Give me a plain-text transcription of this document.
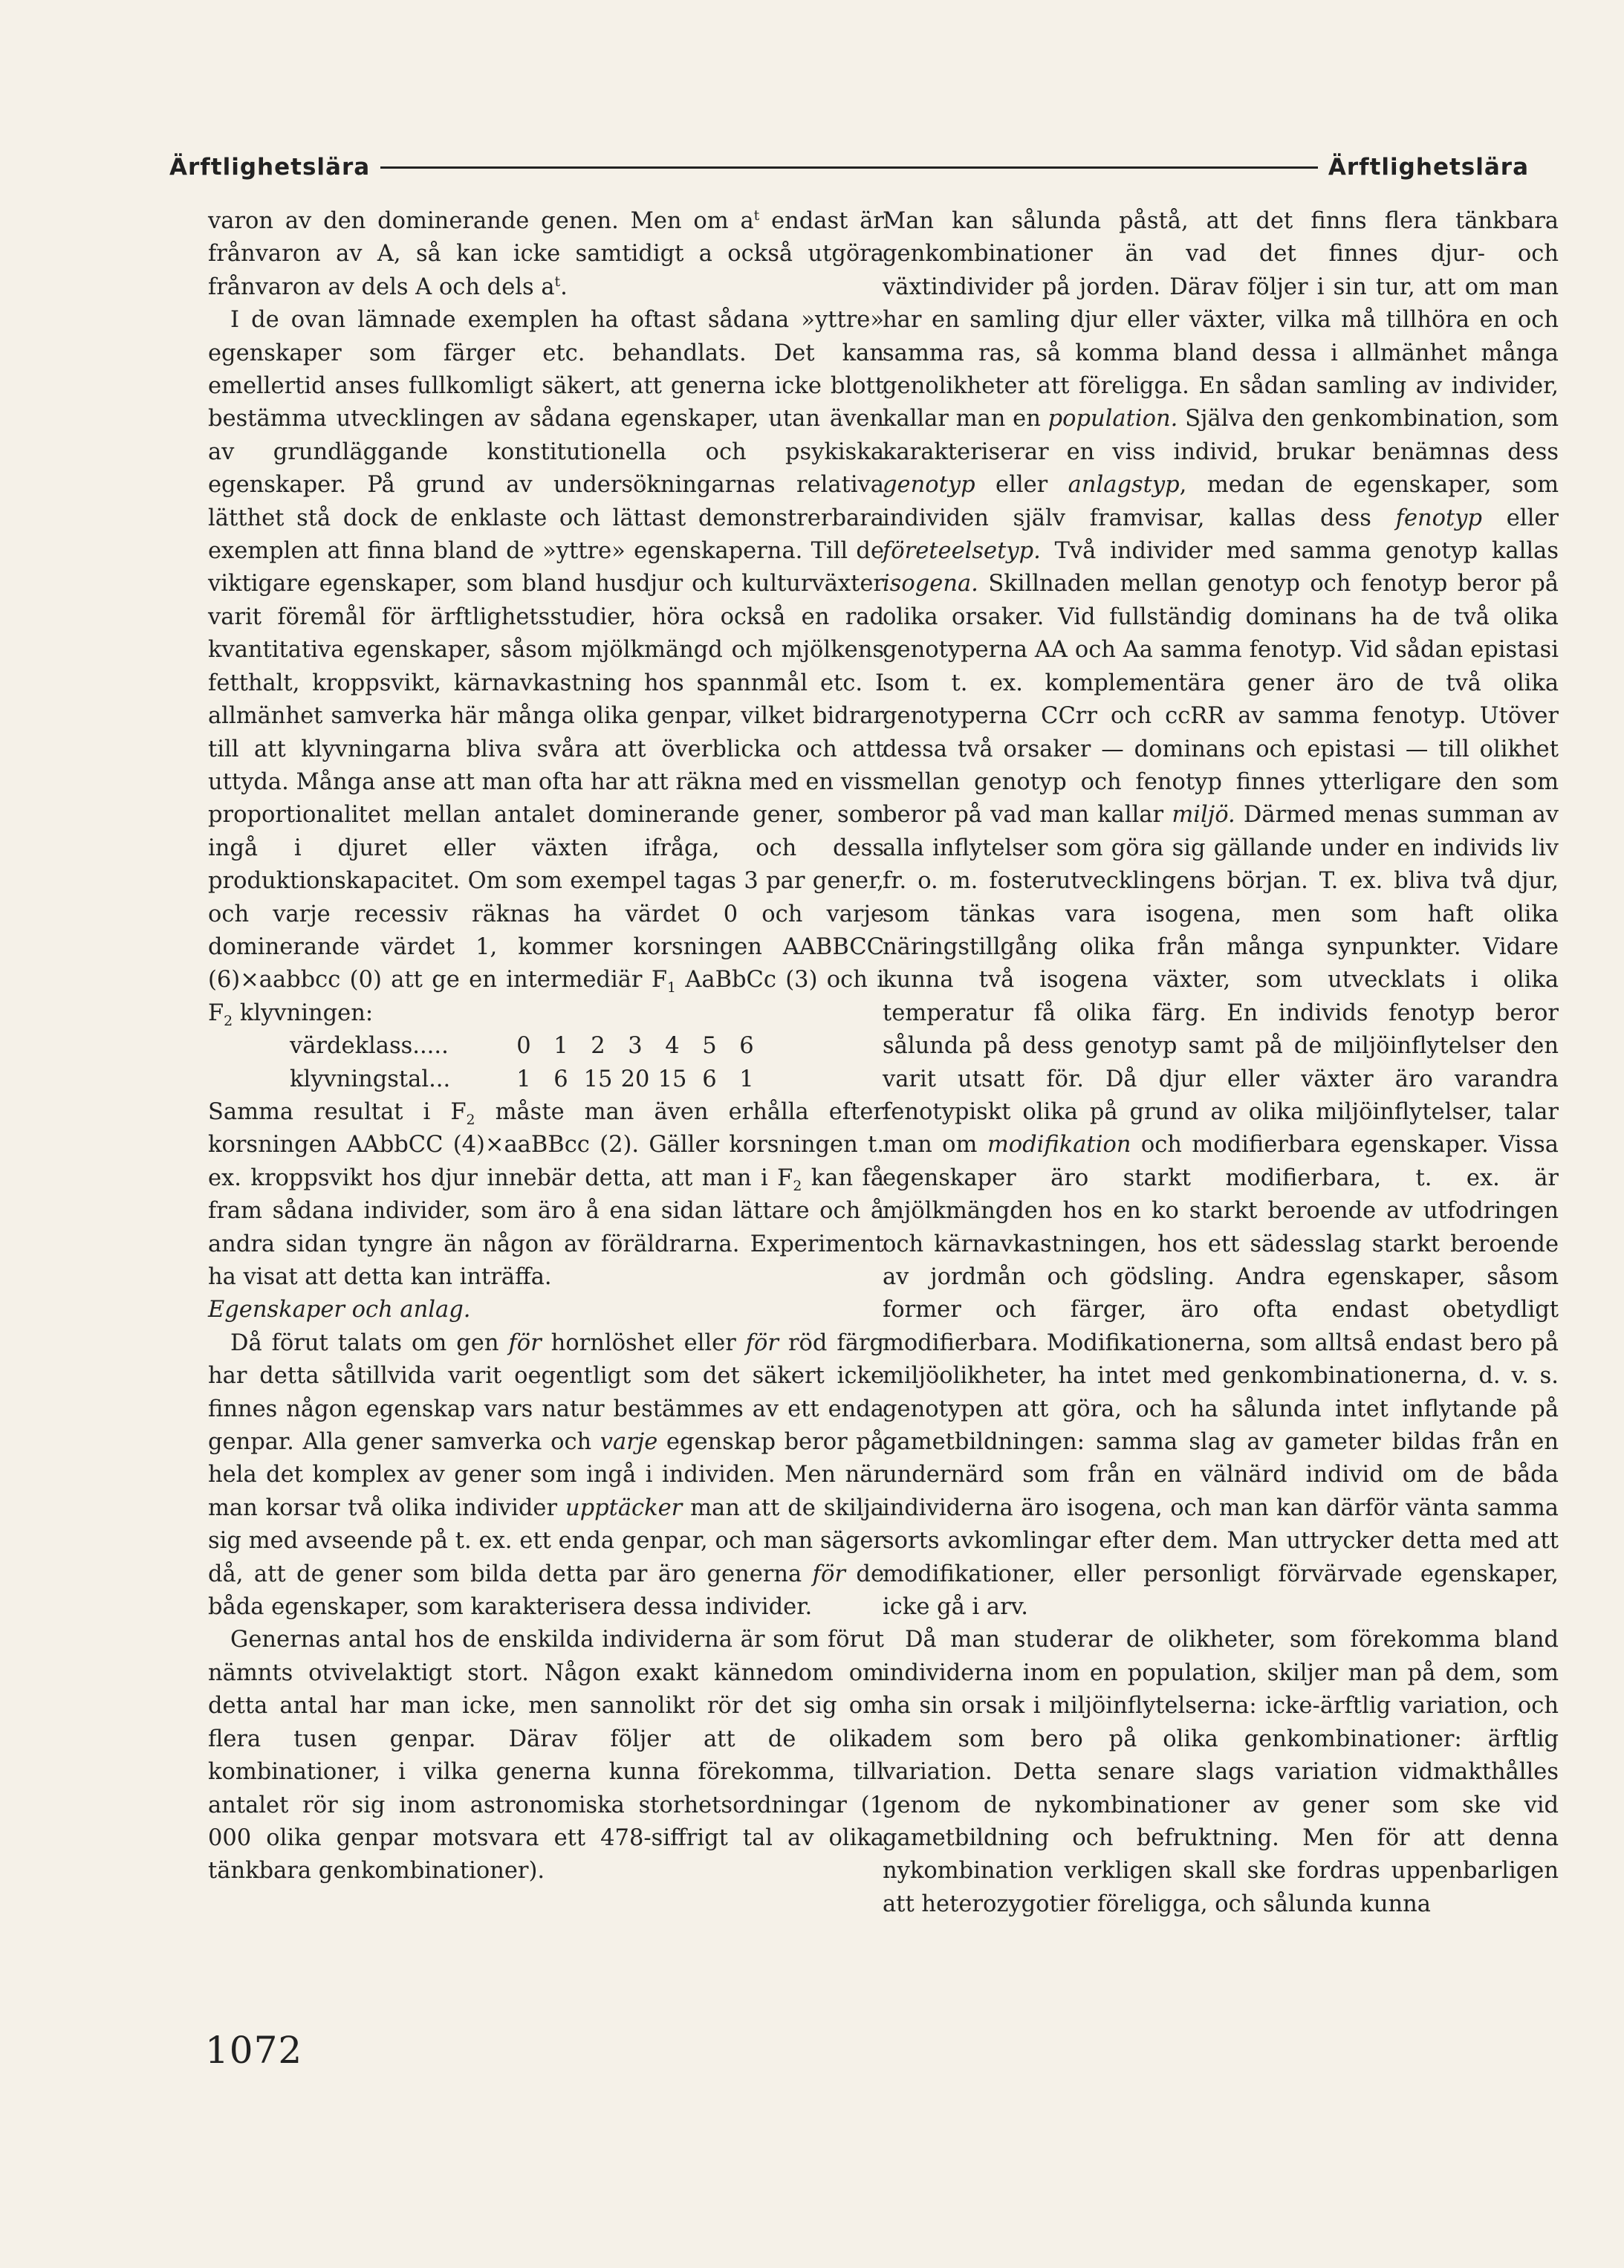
Ärftlighetslära	Ärftlighetslära

varon av den dominerande genen. Men om $a^t$ endast är frånvaron av A, så kan icke samtidigt a också utgöra frånvaron av dels A och dels $a^t$.

I de ovan lämnade exemplen ha oftast sådana »yttre» egenskaper som färger etc. behandlats. Det kan emellertid anses fullkomligt säkert, att generna icke blott bestämma utvecklingen av sådana egenskaper, utan även av grundläggande konstitutionella och psykiska egenskaper. På grund av undersökningarnas relativa lätthet stå dock de enklaste och lättast demonstrerbara exemplen att finna bland de »yttre» egenskaperna. Till de viktigare egenskaper, som bland husdjur och kulturväxter varit föremål för ärftlighetsstudier, höra också en rad kvantitativa egenskaper, såsom mjölkmängd och mjölkens fetthalt, kroppsvikt, kärnavkastning hos spannmål etc. I allmänhet samverka här många olika genpar, vilket bidrar till att klyvningarna bliva svåra att överblicka och att uttyda. Många anse att man ofta har att räkna med en viss proportionalitet mellan antalet dominerande gener, som ingå i djuret eller växten ifråga, och dess produktionskapacitet. Om som exempel tagas 3 par gener, och varje recessiv räknas ha värdet 0 och varje dominerande värdet 1, kommer korsningen AABBCC (6)×aabbcc (0) att ge en intermediär $F_1$ AaBbCc (3) och i $F_2$ klyvningen:

värdeklass.....	0	1	2	3	4	5	6
klyvningstal...	1	6 15 20 15 6	1

Samma resultat i $F_2$ måste man även erhålla efter korsningen AAbbCC (4)×aaBBcc (2). Gäller korsningen t. ex. kroppsvikt hos djur innebär detta, att man i $F_2$ kan få fram sådana individer, som äro å ena sidan lättare och å andra sidan tyngre än någon av föräldrarna. Experiment ha visat att detta kan inträffa.

Egenskaper och anlag.

Då förut talats om gen för hornlöshet eller för röd färg har detta såtillvida varit oegentligt som det säkert icke finnes någon egenskap vars natur bestämmes av ett enda genpar. Alla gener samverka och varje egenskap beror på hela det komplex av gener som ingå i individen. Men när man korsar två olika individer upptäcker man att de skilja sig med avseende på t. ex. ett enda genpar, och man säger då, att de gener som bilda detta par äro generna för de båda egenskaper, som karakterisera dessa individer.

Genernas antal hos de enskilda individerna är som förut nämnts otvivelaktigt stort. Någon exakt kännedom om detta antal har man icke, men sannolikt rör det sig om flera tusen genpar. Därav följer att de olika kombinationer, i vilka generna kunna förekomma, till antalet rör sig inom astronomiska storhetsordningar (1 000 olika genpar motsvara ett 478-siffrigt tal av olika tänkbara genkombinationer).

Man kan sålunda påstå, att det finns flera tänkbara genkombinationer än vad det finnes djur- och växtindivider på jorden. Därav följer i sin tur, att om man har en samling djur eller växter, vilka må tillhöra en och samma ras, så komma bland dessa i allmänhet många genolikheter att föreligga. En sådan samling av individer, kallar man en population. Själva den genkombination, som karakteriserar en viss individ, brukar benämnas dess genotyp eller anlagstyp, medan de egenskaper, som individen själv framvisar, kallas dess fenotyp eller företeelsetyp. Två individer med samma genotyp kallas isogena. Skillnaden mellan genotyp och fenotyp beror på olika orsaker. Vid fullständig dominans ha de två olika genotyperna AA och Aa samma fenotyp. Vid sådan epistasi som t. ex. komplementära gener äro de två olika genotyperna CCrr och ccRR av samma fenotyp. Utöver dessa två orsaker — dominans och epistasi — till olikhet mellan genotyp och fenotyp finnes ytterligare den som beror på vad man kallar miljö. Därmed menas summan av alla inflytelser som göra sig gällande under en individs liv fr. o. m. fosterutvecklingens början. T. ex. bliva två djur, som tänkas vara isogena, men som haft olika näringstillgång olika från många synpunkter. Vidare kunna två isogena växter, som utvecklats i olika temperatur få olika färg. En individs fenotyp beror sålunda på dess genotyp samt på de miljöinflytelser den varit utsatt för. Då djur eller växter äro varandra fenotypiskt olika på grund av olika miljöinflytelser, talar man om modifikation och modifierbara egenskaper. Vissa egenskaper äro starkt modifierbara, t. ex. är mjölkmängden hos en ko starkt beroende av utfodringen och kärnavkastningen, hos ett sädesslag starkt beroende av jordmån och gödsling. Andra egenskaper, såsom former och färger, äro ofta endast obetydligt modifierbara. Modifikationerna, som alltså endast bero på miljöolikheter, ha intet med genkombinationerna, d. v. s. genotypen att göra, och ha sålunda intet inflytande på gametbildningen: samma slag av gameter bildas från en undernärd som från en välnärd individ om de båda individerna äro isogena, och man kan därför vänta samma sorts avkomlingar efter dem. Man uttrycker detta med att modifikationer, eller personligt förvärvade egenskaper, icke gå i arv.

Då man studerar de olikheter, som förekomma bland individerna inom en population, skiljer man på dem, som ha sin orsak i miljöinflytelserna: icke-ärftlig variation, och dem som bero på olika genkombinationer: ärftlig variation. Detta senare slags variation vidmakthålles genom de nykombinationer av gener som ske vid gametbildning och befruktning. Men för att denna nykombination verkligen skall ske fordras uppenbarligen att heterozygotier föreligga, och sålunda kunna

1072
